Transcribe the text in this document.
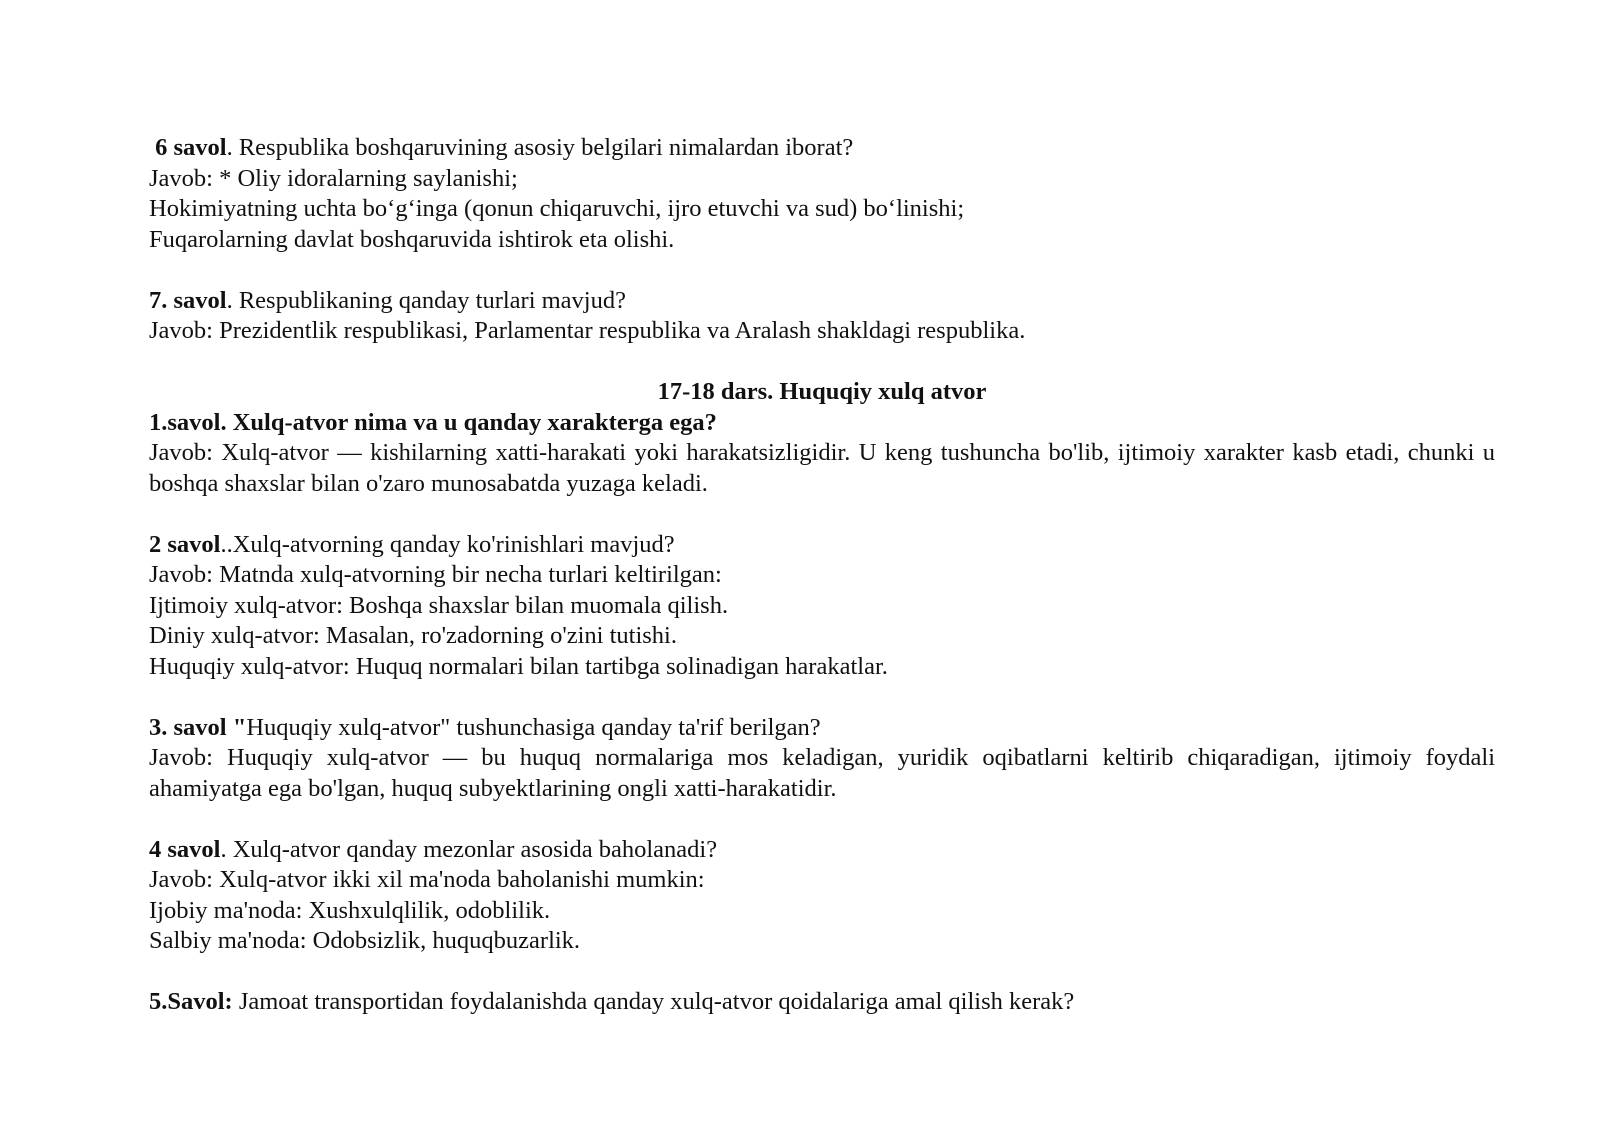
6 savol. Respublika boshqaruvining asosiy belgilari nimalardan iborat?
Javob: * Oliy idoralarning saylanishi;
Hokimiyatning uchta bo‘g‘inga (qonun chiqaruvchi, ijro etuvchi va sud) bo‘linishi;
Fuqarolarning davlat boshqaruvida ishtirok eta olishi.
7. savol. Respublikaning qanday turlari mavjud?
Javob: Prezidentlik respublikasi, Parlamentar respublika va Aralash shakldagi respublika.
17-18 dars. Huquqiy xulq atvor
1.savol. Xulq-atvor nima va u qanday xarakterga ega?
Javob: Xulq-atvor — kishilarning xatti-harakati yoki harakatsizligidir. U keng tushuncha bo'lib, ijtimoiy xarakter kasb etadi, chunki u boshqa shaxslar bilan o'zaro munosabatda yuzaga keladi.
2 savol..Xulq-atvorning qanday ko'rinishlari mavjud?
Javob: Matnda xulq-atvorning bir necha turlari keltirilgan:
Ijtimoiy xulq-atvor: Boshqa shaxslar bilan muomala qilish.
Diniy xulq-atvor: Masalan, ro'zadorning o'zini tutishi.
Huquqiy xulq-atvor: Huquq normalari bilan tartibga solinadigan harakatlar.
3. savol "Huquqiy xulq-atvor" tushunchasiga qanday ta'rif berilgan?
Javob: Huquqiy xulq-atvor — bu huquq normalariga mos keladigan, yuridik oqibatlarni keltirib chiqaradigan, ijtimoiy foydali ahamiyatga ega bo'lgan, huquq subyektlarining ongli xatti-harakatidir.
4 savol. Xulq-atvor qanday mezonlar asosida baholanadi?
Javob: Xulq-atvor ikki xil ma'noda baholanishi mumkin:
Ijobiy ma'noda: Xushxulqlilik, odoblilik.
Salbiy ma'noda: Odobsizlik, huquqbuzarlik.
5.Savol: Jamoat transportidan foydalanishda qanday xulq-atvor qoidalariga amal qilish kerak?
